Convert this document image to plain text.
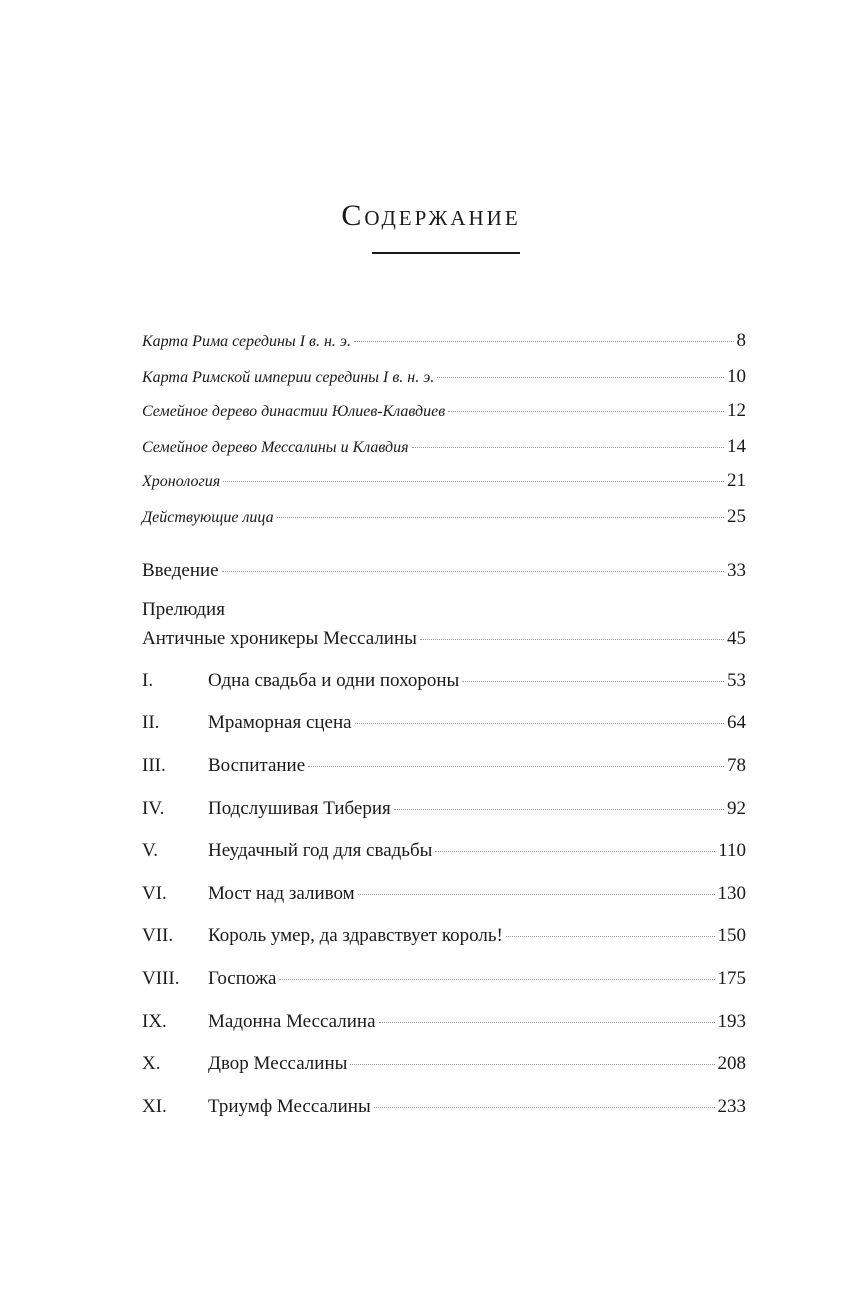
Содержание
Карта Рима середины I в. н. э.	8
Карта Римской империи середины I в. н. э.	10
Семейное дерево династии Юлиев-Клавдиев	12
Семейное дерево Мессалины и Клавдия	14
Хронология	21
Действующие лица	25
Введение	33
Прелюдия
Античные хроникеры Мессалины	45
I.	Одна свадьба и одни похороны	53
II.	Мраморная сцена	64
III.	Воспитание	78
IV.	Подслушивая Тиберия	92
V.	Неудачный год для свадьбы	110
VI.	Мост над заливом	130
VII.	Король умер, да здравствует король!	150
VIII.	Госпожа	175
IX.	Мадонна Мессалина	193
X.	Двор Мессалины	208
XI.	Триумф Мессалины	233
